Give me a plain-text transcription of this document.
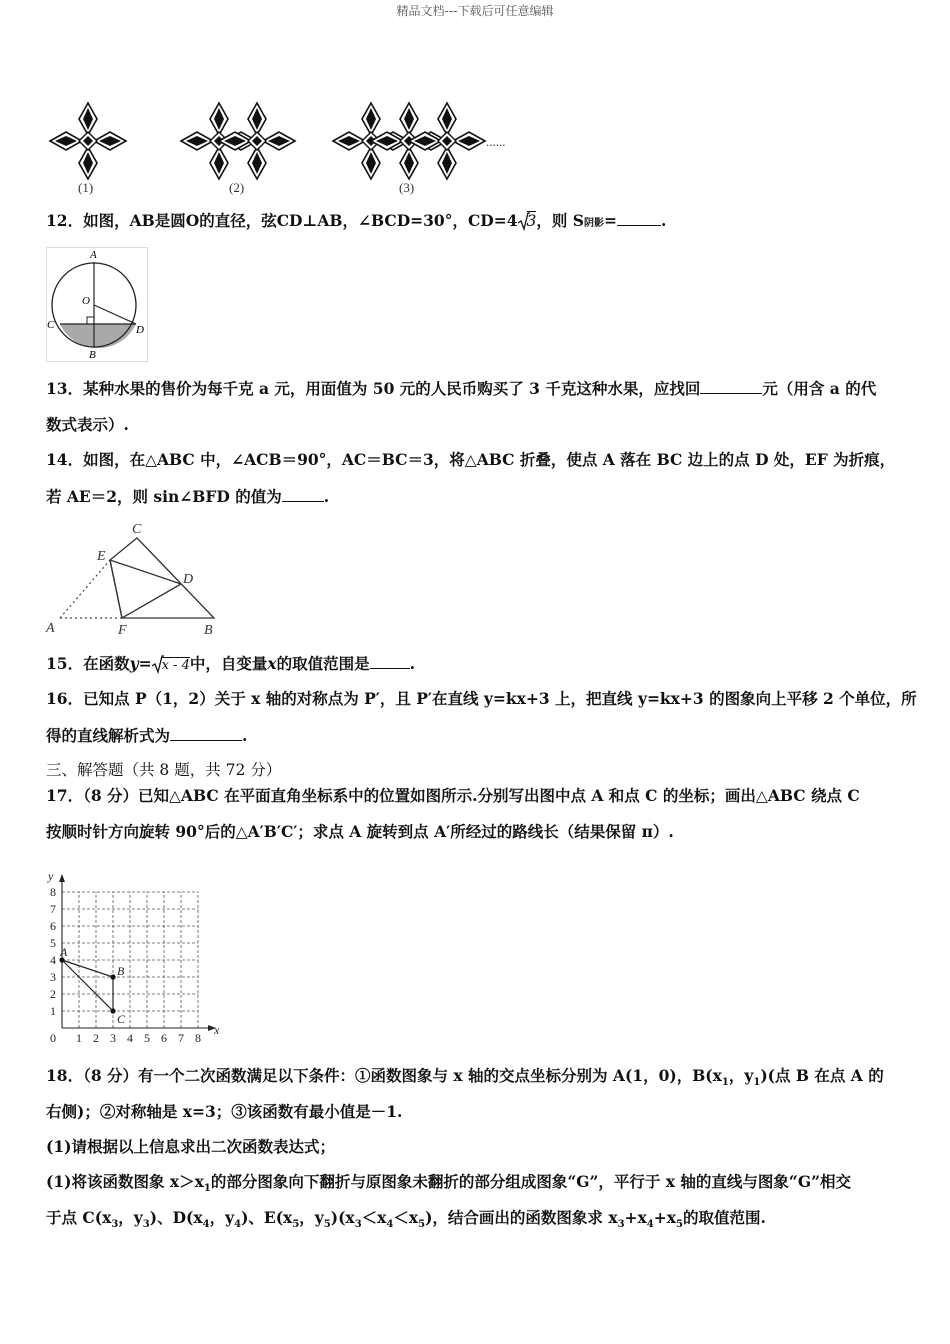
精品文档---下载后可任意编辑
......
(1)	(2)	(3)
12．如图，AB是圆O的直径，弦CD⊥AB，∠BCD=30°，CD=4 3，则 S阴影=	.
A
O
C	D
B
13．某种水果的售价为每千克 a 元，用面值为 50 元的人民币购买了 3 千克这种水果，应找回	元（用含 a 的代
数式表示）.
14．如图，在△ABC 中，∠ACB＝90°，AC＝BC＝3，将△ABC 折叠，使点 A 落在 BC 边上的点 D 处，EF 为折痕，
若 AE＝2，则 sin∠BFD 的值为	.
C
E
D
A	F	B
15．在函数y= x - 4中，自变量x的取值范围是	.
16．已知点 P（1，2）关于 x 轴的对称点为 P′，且 P′在直线 y=kx+3 上，把直线 y=kx+3 的图象向上平移 2 个单位，所
得的直线解析式为	.
三、解答题（共 8 题，共 72 分）
17．（8 分）已知△ABC 在平面直角坐标系中的位置如图所示.分别写出图中点 A 和点 C 的坐标；画出△ABC 绕点 C
按顺时针方向旋转 90°后的△A′B′C′；求点 A 旋转到点 A′所经过的路线长（结果保留 π）.
1
2
3
4
5
6
7
8
1 2 3 4 5 6 7 8
0
x
y
A
B
C
18．（8 分）有一个二次函数满足以下条件：①函数图象与 x 轴的交点坐标分别为 A(1，0)，$B(x_1$，$y_1$)(点 B 在点 A 的
右侧)；②对称轴是 x=3；③该函数有最小值是－1.
(1)请根据以上信息求出二次函数表达式；
(1)将该函数图象 $x>x_1$的部分图象向下翻折与原图象未翻折的部分组成图象“G”，平行于 x 轴的直线与图象“G”相交
于点 $C(x_3$，$y_3$)、$D(x_4$，$y_4$)、$E(x_5$，$y_5)(x_3<x_4<x_5)$，结合画出的函数图象求 $x_3+x_4+x_5$的取值范围.
